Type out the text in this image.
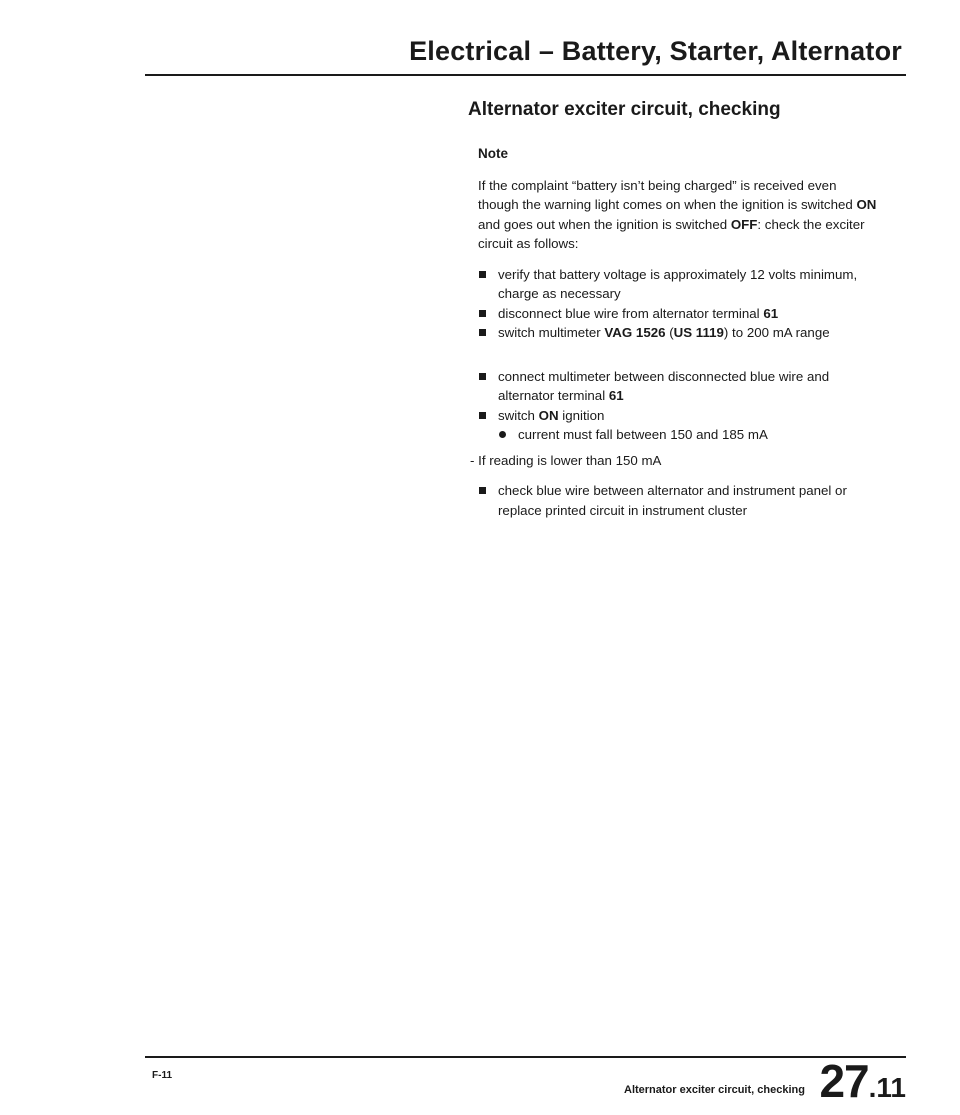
Electrical – Battery, Starter, Alternator
Alternator exciter circuit, checking

Note

If the complaint “battery isn’t being charged” is received even though the warning light comes on when the ignition is switched ON and goes out when the ignition is switched OFF: check the exciter circuit as follows:

verify that battery voltage is approximately 12 volts minimum, charge as necessary
disconnect blue wire from alternator terminal 61
switch multimeter VAG 1526 (US 1119) to 200 mA range
connect multimeter between disconnected blue wire and alternator terminal 61
switch ON ignition
current must fall between 150 and 185 mA

- If reading is lower than 150 mA

check blue wire between alternator and instrument panel or replace printed circuit in instrument cluster
F-11
Alternator exciter circuit, checking 27.11
